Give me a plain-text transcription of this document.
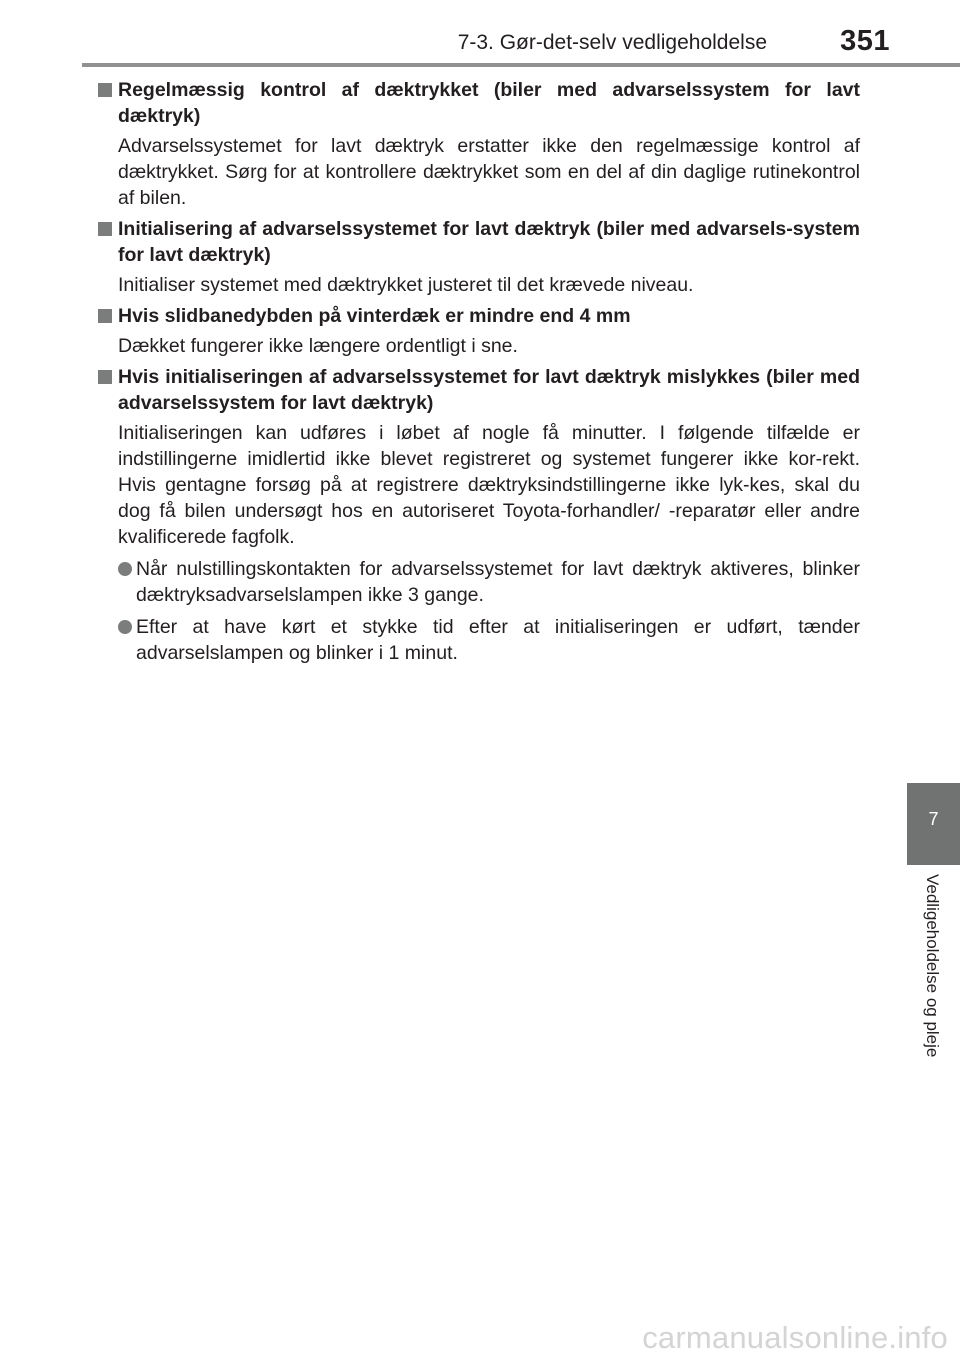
7-3. Gør-det-selv vedligeholdelse	351
Regelmæssig kontrol af dæktrykket (biler med advarselssystem for lavt dæktryk)
Advarselssystemet for lavt dæktryk erstatter ikke den regelmæssige kontrol af dæktrykket. Sørg for at kontrollere dæktrykket som en del af din daglige rutinekontrol af bilen.
Initialisering af advarselssystemet for lavt dæktryk (biler med advarsels-system for lavt dæktryk)
Initialiser systemet med dæktrykket justeret til det krævede niveau.
Hvis slidbanedybden på vinterdæk er mindre end 4 mm
Dækket fungerer ikke længere ordentligt i sne.
Hvis initialiseringen af advarselssystemet for lavt dæktryk mislykkes (biler med advarselssystem for lavt dæktryk)
Initialiseringen kan udføres i løbet af nogle få minutter. I følgende tilfælde er indstillingerne imidlertid ikke blevet registreret og systemet fungerer ikke kor-rekt. Hvis gentagne forsøg på at registrere dæktryksindstillingerne ikke lyk-kes, skal du dog få bilen undersøgt hos en autoriseret Toyota-forhandler/ -reparatør eller andre kvalificerede fagfolk.
Når nulstillingskontakten for advarselssystemet for lavt dæktryk aktiveres, blinker dæktryksadvarselslampen ikke 3 gange.
Efter at have kørt et stykke tid efter at initialiseringen er udført, tænder advarselslampen og blinker i 1 minut.
7
Vedligeholdelse og pleje
carmanualsonline.info
